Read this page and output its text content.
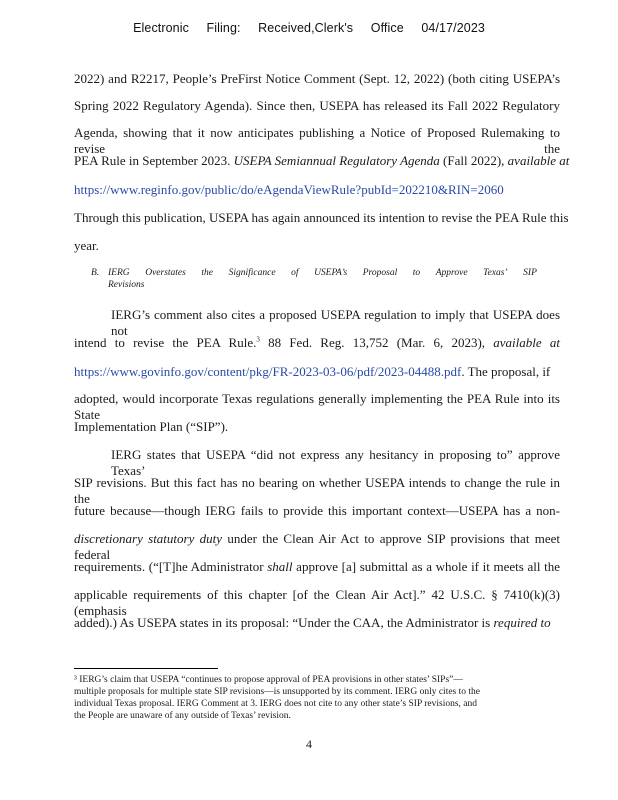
Electronic Filing: Received,Clerk's Office 04/17/2023
2022) and R2217, People’s PreFirst Notice Comment (Sept. 12, 2022) (both citing USEPA’s
Spring 2022 Regulatory Agenda). Since then, USEPA has released its Fall 2022 Regulatory
Agenda, showing that it now anticipates publishing a Notice of Proposed Rulemaking to revise the
PEA Rule in September 2023. USEPA Semiannual Regulatory Agenda (Fall 2022), available at
https://www.reginfo.gov/public/do/eAgendaViewRule?pubId=202210&RIN=2060
Through this publication, USEPA has again announced its intention to revise the PEA Rule this
year.
B. IERG Overstates the Significance of USEPA’s Proposal to Approve Texas’ SIP
Revisions
IERG’s comment also cites a proposed USEPA regulation to imply that USEPA does not
intend to revise the PEA Rule.$^3$ 88 Fed. Reg. 13,752 (Mar. 6, 2023), available at
https://www.govinfo.gov/content/pkg/FR-2023-03-06/pdf/2023-04488.pdf. The proposal, if
adopted, would incorporate Texas regulations generally implementing the PEA Rule into its State
Implementation Plan (“SIP”).
IERG states that USEPA “did not express any hesitancy in proposing to” approve Texas’
SIP revisions. But this fact has no bearing on whether USEPA intends to change the rule in the
future because—though IERG fails to provide this important context—USEPA has a non-
discretionary statutory duty under the Clean Air Act to approve SIP provisions that meet federal
requirements. (“[T]he Administrator shall approve [a] submittal as a whole if it meets all the
applicable requirements of this chapter [of the Clean Air Act].” 42 U.S.C. § 7410(k)(3) (emphasis
added).) As USEPA states in its proposal: “Under the CAA, the Administrator is required to
³ IERG’s claim that USEPA “continues to propose approval of PEA provisions in other states’ SIPs”—
multiple proposals for multiple state SIP revisions—is unsupported by its comment. IERG only cites to the
individual Texas proposal. IERG Comment at 3. IERG does not cite to any other state’s SIP revisions, and
the People are unaware of any outside of Texas’ revision.
4
